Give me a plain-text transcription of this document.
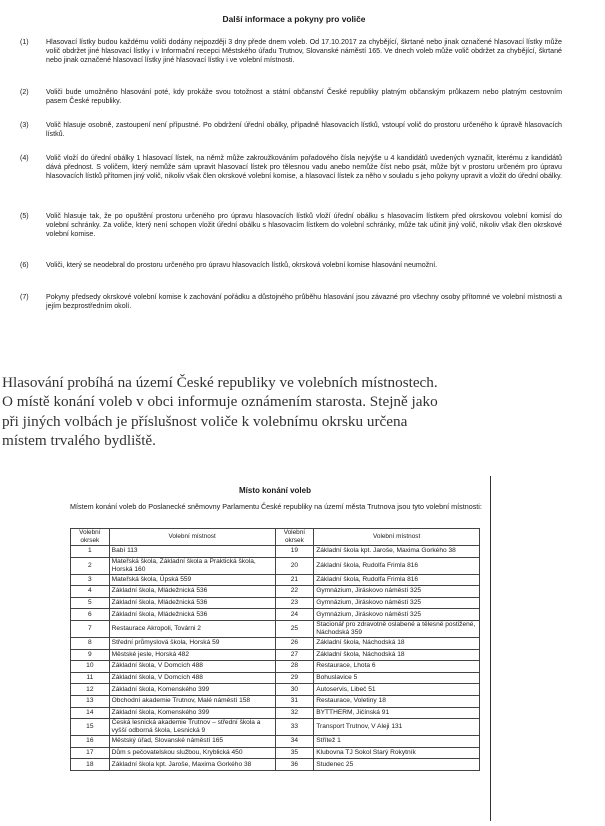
Další informace a pokyny pro voliče
(1)	Hlasovací lístky budou každému voliči dodány nejpozději 3 dny přede dnem voleb. Od 17.10.2017 za chybějící, škrtané nebo jinak označené hlasovací lístky může volič obdržet jiné hlasovací lístky i v Informační recepci Městského úřadu Trutnov, Slovanské náměstí 165. Ve dnech voleb může volič obdržet za chybějící, škrtané nebo jinak označené hlasovací lístky jiné hlasovací lístky i ve volební místnosti.
(2)	Voliči bude umožněno hlasování poté, kdy prokáže svou totožnost a státní občanství České republiky platným občanským průkazem nebo platným cestovním pasem České republiky.
(3)	Volič hlasuje osobně, zastoupení není přípustné. Po obdržení úřední obálky, případně hlasovacích lístků, vstoupí volič do prostoru určeného k úpravě hlasovacích lístků.
(4)	Volič vloží do úřední obálky 1 hlasovací lístek, na němž může zakroužkováním pořadového čísla nejvýše u 4 kandidátů uvedených vyznačit, kterému z kandidátů dává přednost. S voličem, který nemůže sám upravit hlasovací lístek pro tělesnou vadu anebo nemůže číst nebo psát, může být v prostoru určeném pro úpravu hlasovacích lístků přítomen jiný volič, nikoliv však člen okrskové volební komise, a hlasovací lístek za něho v souladu s jeho pokyny upravit a vložit do úřední obálky.
(5)	Volič hlasuje tak, že po opuštění prostoru určeného pro úpravu hlasovacích lístků vloží úřední obálku s hlasovacím lístkem před okrskovou volební komisí do volební schránky. Za voliče, který není schopen vložit úřední obálku s hlasovacím lístkem do volební schránky, může tak učinit jiný volič, nikoliv však člen okrskové volební komise.
(6)	Voliči, který se neodebral do prostoru určeného pro úpravu hlasovacích lístků, okrsková volební komise hlasování neumožní.
(7)	Pokyny předsedy okrskové volební komise k zachování pořádku a důstojného průběhu hlasování jsou závazné pro všechny osoby přítomné ve volební místnosti a jejím bezprostředním okolí.

Hlasování probíhá na území České republiky ve volebních místnostech. O místě konání voleb v obci informuje oznámením starosta. Stejně jako při jiných volbách je příslušnost voliče k volebnímu okrsku určena místem trvalého bydliště.

Místo konání voleb
Místem konání voleb do Poslanecké sněmovny Parlamentu České republiky na území města Trutnova jsou tyto volební místnosti:
Volební okrsek	Volební místnost	Volební okrsek	Volební místnost
1	Babí 113	19	Základní škola kpt. Jaroše, Maxima Gorkého 38
2	Mateřská škola, Základní škola a Praktická škola, Horská 160	20	Základní škola, Rudolfa Frimla 816
3	Mateřská škola, Úpská 559	21	Základní škola, Rudolfa Frimla 816
4	Základní škola, Mládežnická 536	22	Gymnázium, Jiráskovo náměstí 325
5	Základní škola, Mládežnická 536	23	Gymnázium, Jiráskovo náměstí 325
6	Základní škola, Mládežnická 536	24	Gymnázium, Jiráskovo náměstí 325
7	Restaurace Akropoli, Továrni 2	25	Stacionář pro zdravotně oslabené a tělesně postižené, Náchodská 359
8	Střední průmyslová škola, Horská 59	26	Základní škola, Náchodská 18
9	Městské jesle, Horská 482	27	Základní škola, Náchodská 18
10	Základní škola, V Domcích 488	28	Restaurace, Lhota 6
11	Základní škola, V Domcích 488	29	Bohuslavice 5
12	Základní škola, Komenského 399	30	Autoservis, Libeč 51
13	Obchodní akademie Trutnov, Malé náměstí 158	31	Restaurace, Voletiny 18
14	Základní škola, Komenského 399	32	BYTTHERM, Jičínská 91
15	Česká lesnická akademie Trutnov – střední škola a vyšší odborná škola, Lesnická 9	33	Transport Trutnov, V Aleji 131
16	Městský úřad, Slovanské náměstí 165	34	Střítež 1
17	Dům s pečovatelskou službou, Kryblická 450	35	Klubovna TJ Sokol Starý Rokytník
18	Základní škola kpt. Jaroše, Maxima Gorkého 38	36	Studenec 25
